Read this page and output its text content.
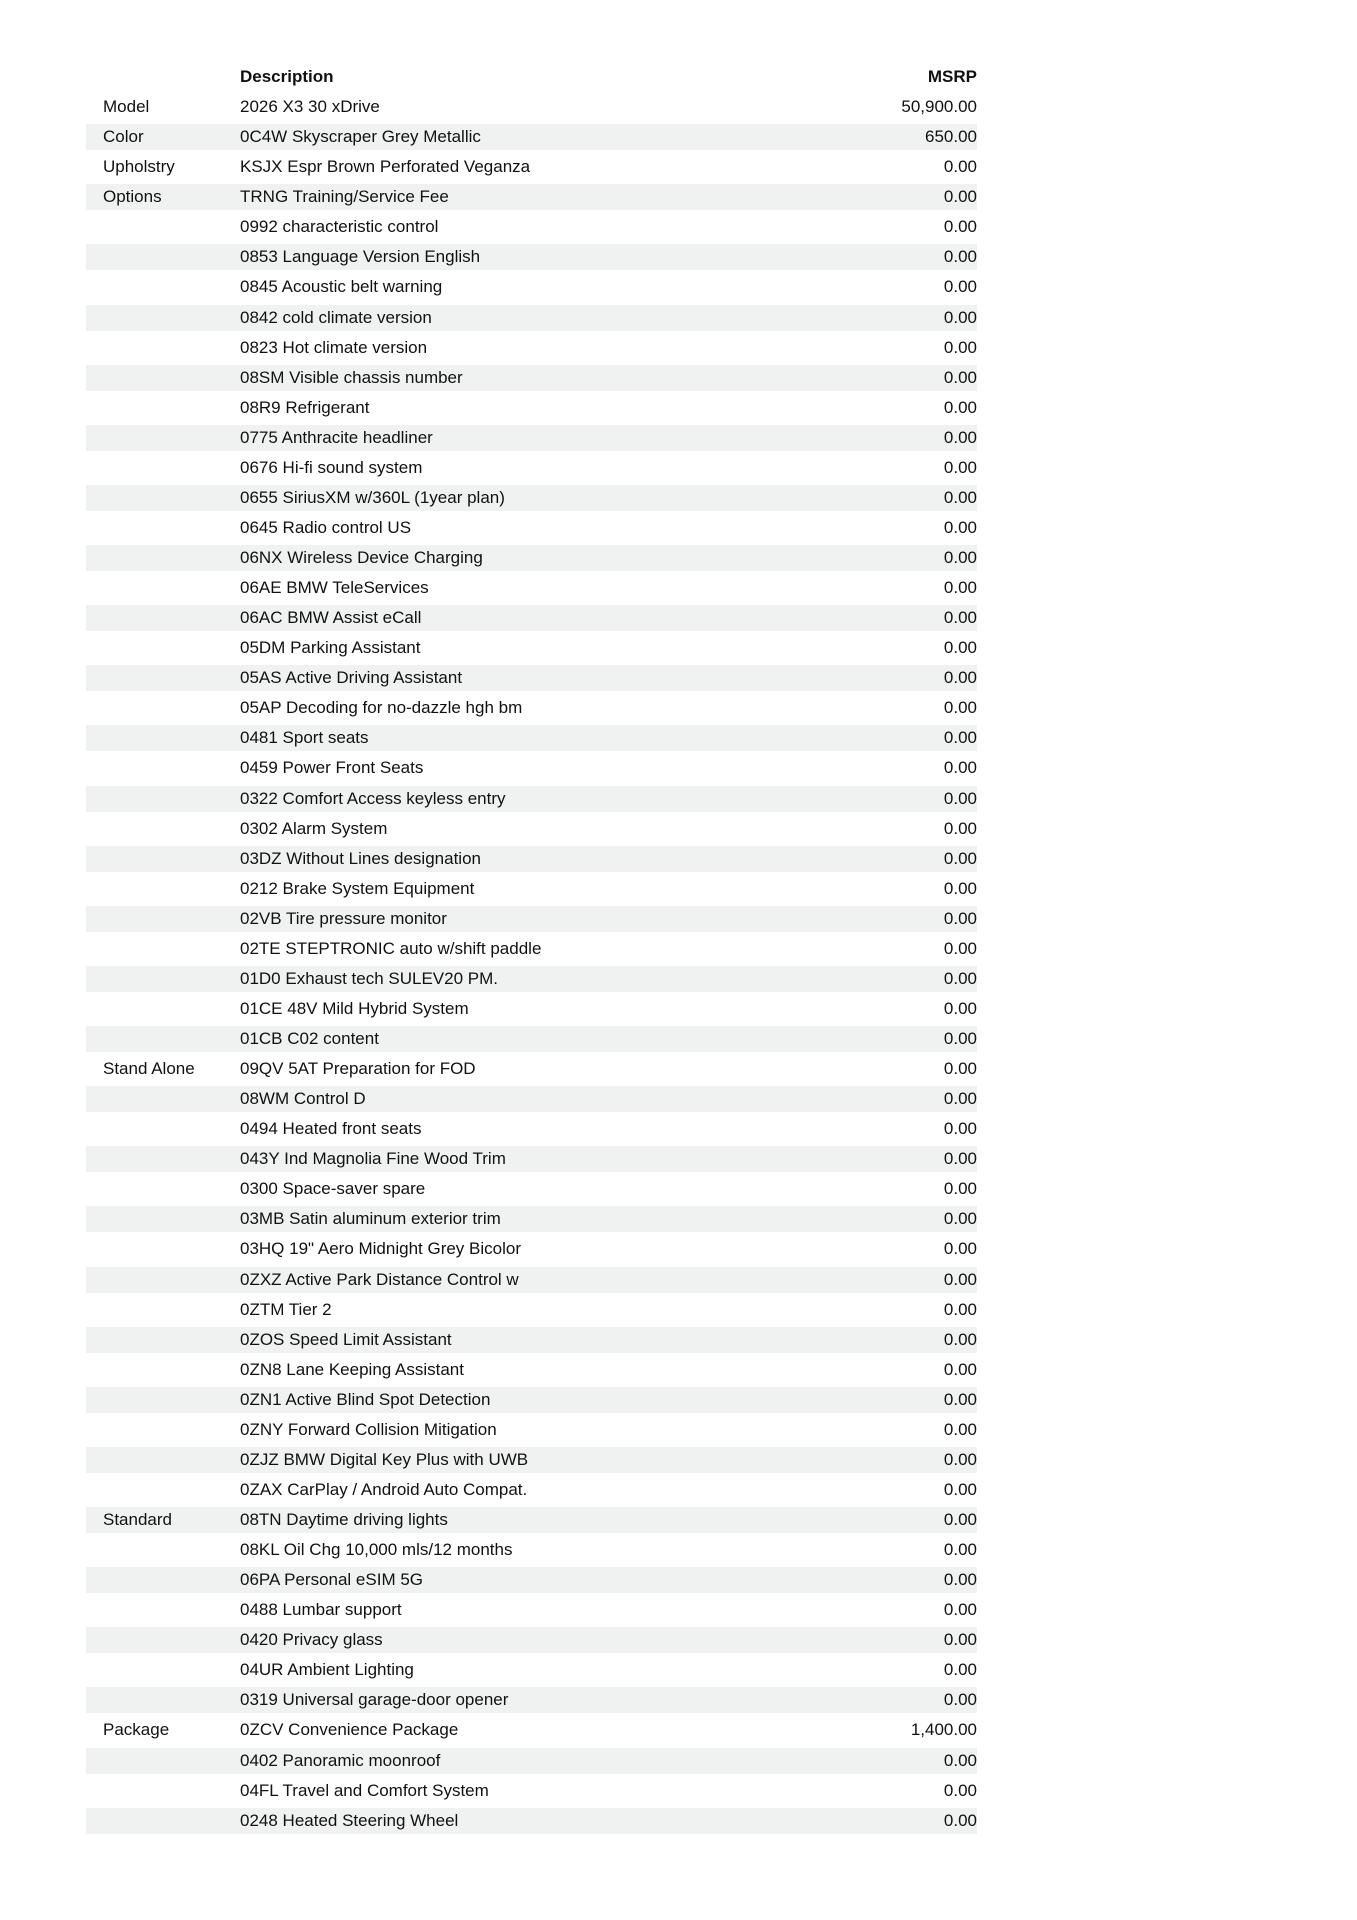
Description	MSRP
Model	2026 X3 30 xDrive	50,900.00
Color	0C4W Skyscraper Grey Metallic	650.00
Upholstry	KSJX Espr Brown Perforated Veganza	0.00
Options	TRNG Training/Service Fee	0.00
0992 characteristic control	0.00
0853 Language Version English	0.00
0845 Acoustic belt warning	0.00
0842 cold climate version	0.00
0823 Hot climate version	0.00
08SM Visible chassis number	0.00
08R9 Refrigerant	0.00
0775 Anthracite headliner	0.00
0676 Hi-fi sound system	0.00
0655 SiriusXM w/360L (1year plan)	0.00
0645 Radio control US	0.00
06NX Wireless Device Charging	0.00
06AE BMW TeleServices	0.00
06AC BMW Assist eCall	0.00
05DM Parking Assistant	0.00
05AS Active Driving Assistant	0.00
05AP Decoding for no-dazzle hgh bm	0.00
0481 Sport seats	0.00
0459 Power Front Seats	0.00
0322 Comfort Access keyless entry	0.00
0302 Alarm System	0.00
03DZ Without Lines designation	0.00
0212 Brake System Equipment	0.00
02VB Tire pressure monitor	0.00
02TE STEPTRONIC auto w/shift paddle	0.00
01D0 Exhaust tech SULEV20 PM.	0.00
01CE 48V Mild Hybrid System	0.00
01CB C02 content	0.00
Stand Alone	09QV 5AT Preparation for FOD	0.00
08WM Control D	0.00
0494 Heated front seats	0.00
043Y Ind Magnolia Fine Wood Trim	0.00
0300 Space-saver spare	0.00
03MB Satin aluminum exterior trim	0.00
03HQ 19" Aero Midnight Grey Bicolor	0.00
0ZXZ Active Park Distance Control w	0.00
0ZTM Tier 2	0.00
0ZOS Speed Limit Assistant	0.00
0ZN8 Lane Keeping Assistant	0.00
0ZN1 Active Blind Spot Detection	0.00
0ZNY Forward Collision Mitigation	0.00
0ZJZ BMW Digital Key Plus with UWB	0.00
0ZAX CarPlay / Android Auto Compat.	0.00
Standard	08TN Daytime driving lights	0.00
08KL Oil Chg 10,000 mls/12 months	0.00
06PA Personal eSIM 5G	0.00
0488 Lumbar support	0.00
0420 Privacy glass	0.00
04UR Ambient Lighting	0.00
0319 Universal garage-door opener	0.00
Package	0ZCV Convenience Package	1,400.00
0402 Panoramic moonroof	0.00
04FL Travel and Comfort System	0.00
0248 Heated Steering Wheel	0.00
